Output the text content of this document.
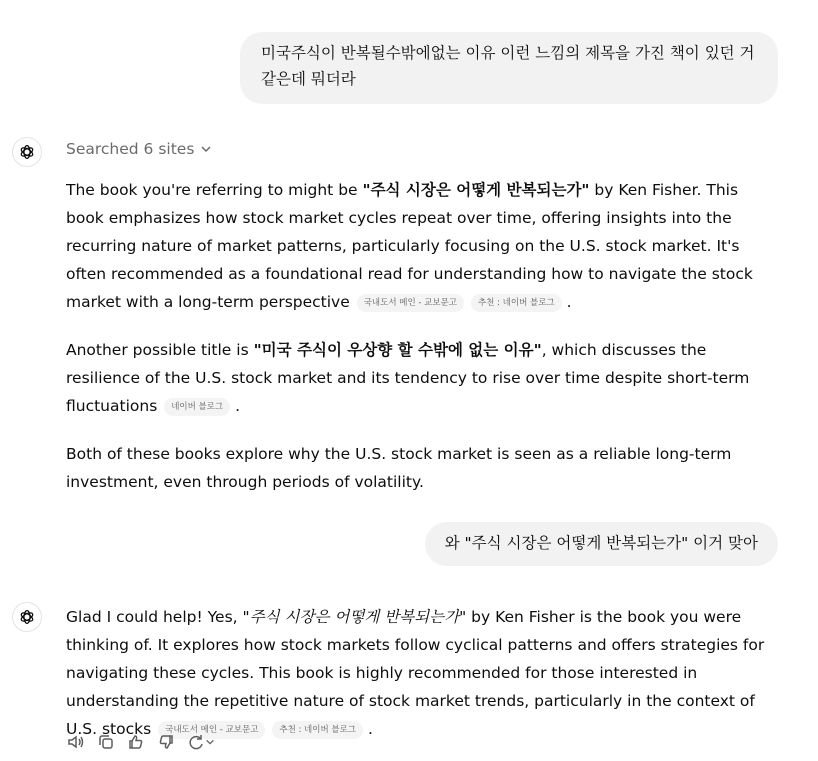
미국주식이 반복될수밖에없는 이유 이런 느낌의 제목을 가진 책이 있던 거 같은데 뭐더라
Searched 6 sites

The book you're referring to might be "주식 시장은 어떻게 반복되는가" by Ken Fisher. This book emphasizes how stock market cycles repeat over time, offering insights into the recurring nature of market patterns, particularly focusing on the U.S. stock market. It's often recommended as a foundational read for understanding how to navigate the stock market with a long-term perspective 국내도서 메인 - 교보문고 추천 : 네이버 블로그 .

Another possible title is "미국 주식이 우상향 할 수밖에 없는 이유", which discusses the resilience of the U.S. stock market and its tendency to rise over time despite short-term fluctuations 네이버 블로그 .

Both of these books explore why the U.S. stock market is seen as a reliable long-term investment, even through periods of volatility.

와 "주식 시장은 어떻게 반복되는가" 이거 맞아

Glad I could help! Yes, "주식 시장은 어떻게 반복되는가" by Ken Fisher is the book you were thinking of. It explores how stock markets follow cyclical patterns and offers strategies for navigating these cycles. This book is highly recommended for those interested in understanding the repetitive nature of stock market trends, particularly in the context of U.S. stocks 국내도서 메인 - 교보문고 추천 : 네이버 블로그 .
